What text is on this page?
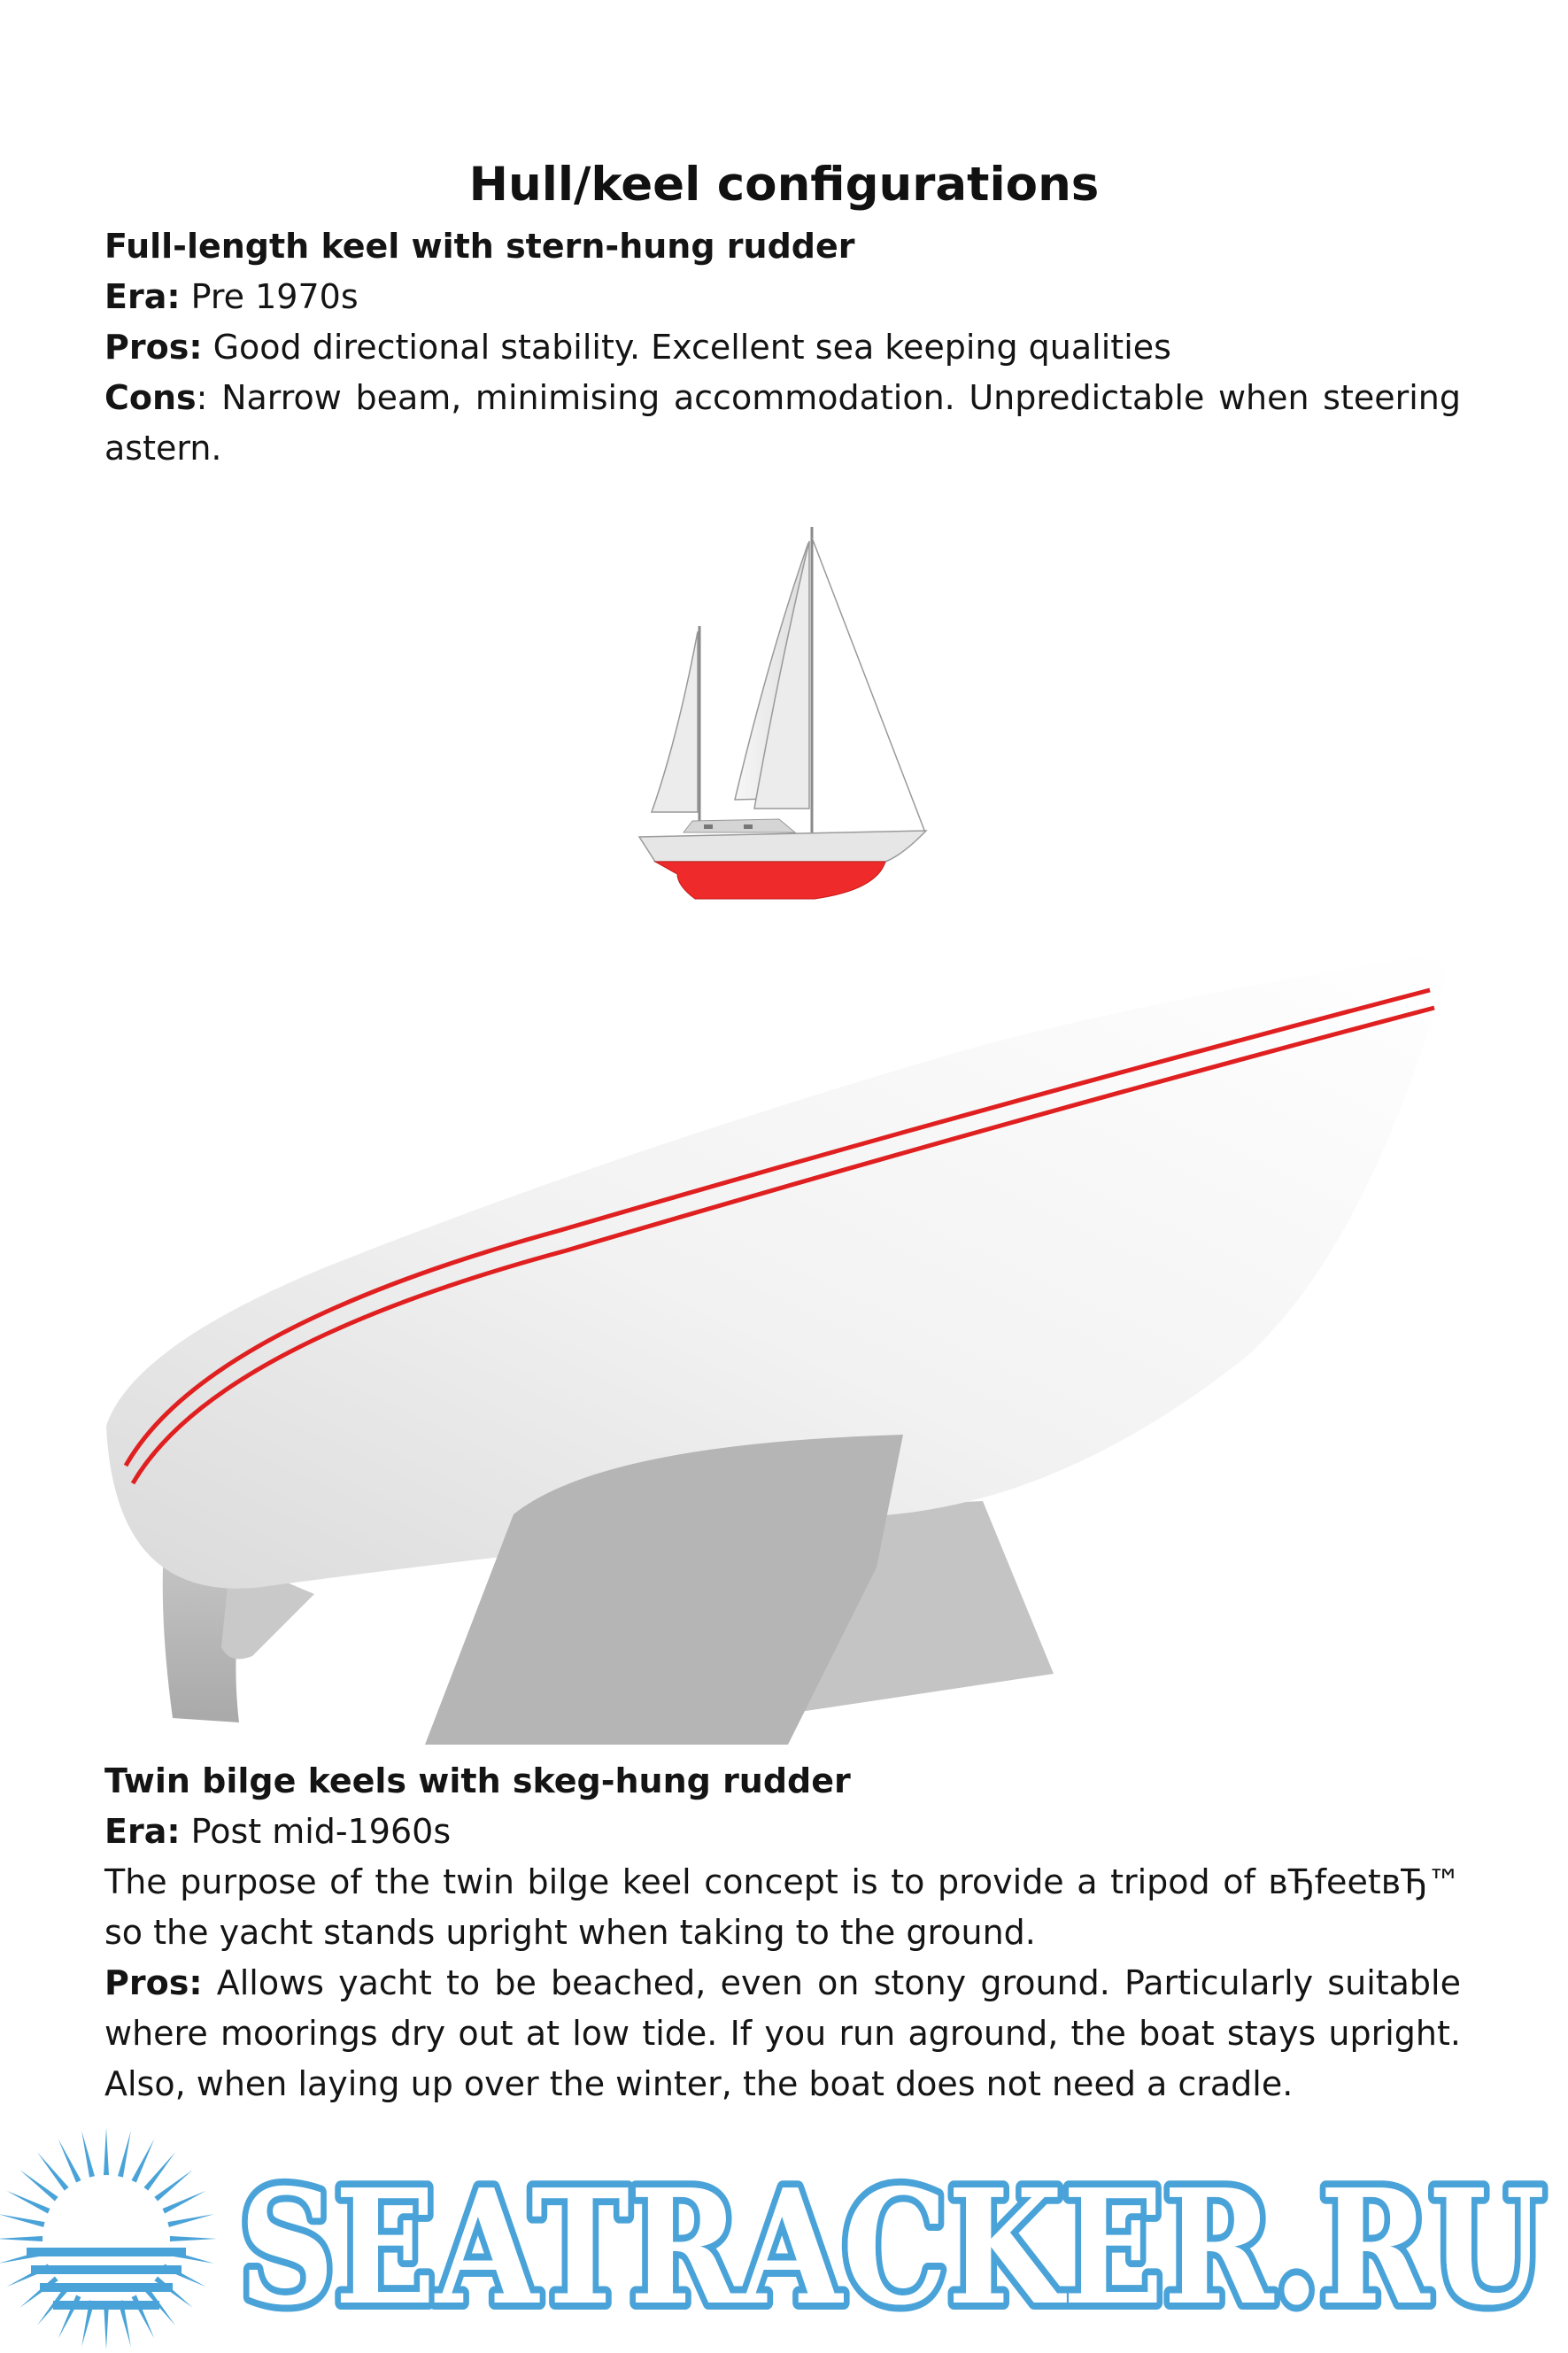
Hull/keel configurations

Full-length keel with stern-hung rudder

Era: Pre 1970s

Pros: Good directional stability. Excellent sea keeping qualities

Cons: Narrow beam, minimising accommodation. Unpredictable when steering astern.

Twin bilge keels with skeg-hung rudder

Era: Post mid-1960s

The purpose of the twin bilge keel concept is to provide a tripod of вЂfeetвЂ™ so the yacht stands upright when taking to the ground.

Pros: Allows yacht to be beached, even on stony ground. Particularly suitable where moorings dry out at low tide. If you run aground, the boat stays upright. Also, when laying up over the winter, the boat does not need a cradle.

SEATRACKER.RU
SEATRACKER.RU
